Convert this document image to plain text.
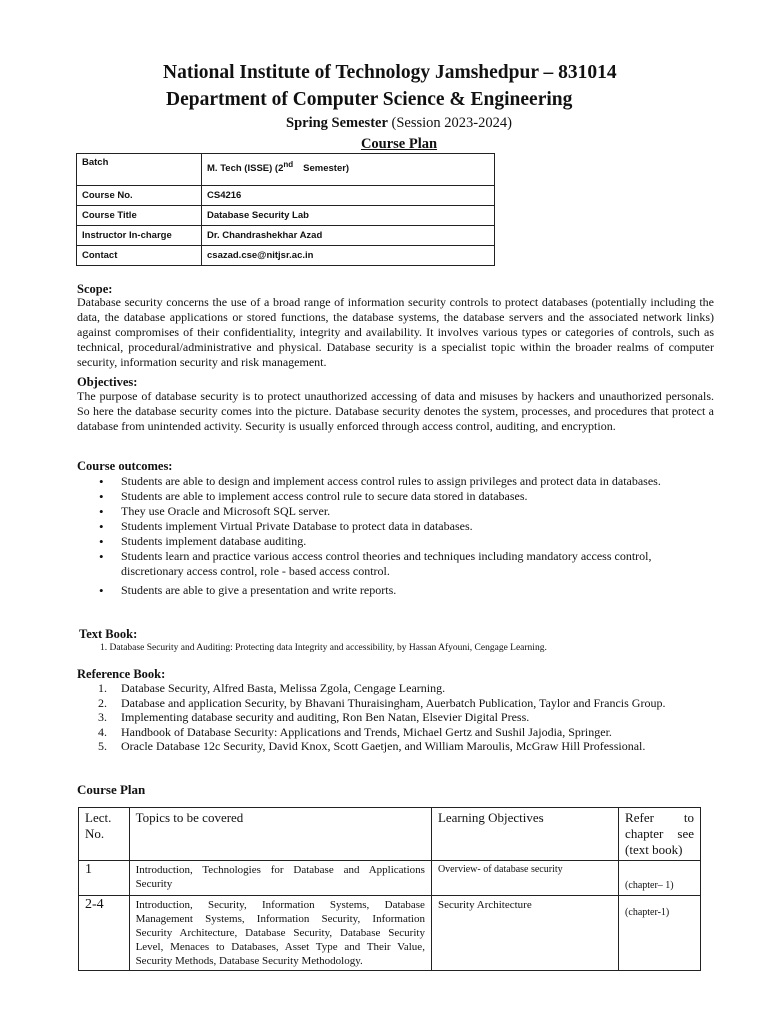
National Institute of Technology Jamshedpur – 831014
Department of Computer Science & Engineering
Spring Semester (Session 2023-2024)
Course Plan
Batch	M. Tech (ISSE) (2nd Semester)
Course No.	CS4216
Course Title	Database Security Lab
Instructor In-charge	Dr. Chandrashekhar Azad
Contact	csazad.cse@nitjsr.ac.in
Scope:
Database security concerns the use of a broad range of information security controls to protect databases (potentially including the data, the database applications or stored functions, the database systems, the database servers and the associated network links) against compromises of their confidentiality, integrity and availability. It involves various types or categories of controls, such as technical, procedural/administrative and physical. Database security is a specialist topic within the broader realms of computer security, information security and risk management.
Objectives:
The purpose of database security is to protect unauthorized accessing of data and misuses by hackers and unauthorized personals. So here the database security comes into the picture. Database security denotes the system, processes, and procedures that protect a database from unintended activity. Security is usually enforced through access control, auditing, and encryption.
Course outcomes:
• Students are able to design and implement access control rules to assign privileges and protect data in databases.
• Students are able to implement access control rule to secure data stored in databases.
• They use Oracle and Microsoft SQL server.
• Students implement Virtual Private Database to protect data in databases.
• Students implement database auditing.
• Students learn and practice various access control theories and techniques including mandatory access control, discretionary access control, role - based access control.
• Students are able to give a presentation and write reports.
Text Book:
1. Database Security and Auditing: Protecting data Integrity and accessibility, by Hassan Afyouni, Cengage Learning.
Reference Book:
1. Database Security, Alfred Basta, Melissa Zgola, Cengage Learning.
2. Database and application Security, by Bhavani Thuraisingham, Auerbatch Publication, Taylor and Francis Group.
3. Implementing database security and auditing, Ron Ben Natan, Elsevier Digital Press.
4. Handbook of Database Security: Applications and Trends, Michael Gertz and Sushil Jajodia, Springer.
5. Oracle Database 12c Security, David Knox, Scott Gaetjen, and William Maroulis, McGraw Hill Professional.
Course Plan
Lect. No.	Topics to be covered	Learning Objectives	Refer to chapter see (text book)
1	Introduction, Technologies for Database and Applications Security	Overview- of database security	(chapter– 1)
2-4	Introduction, Security, Information Systems, Database Management Systems, Information Security, Information Security Architecture, Database Security, Database Security Level, Menaces to Databases, Asset Type and Their Value, Security Methods, Database Security Methodology.	Security Architecture	(chapter-1)
